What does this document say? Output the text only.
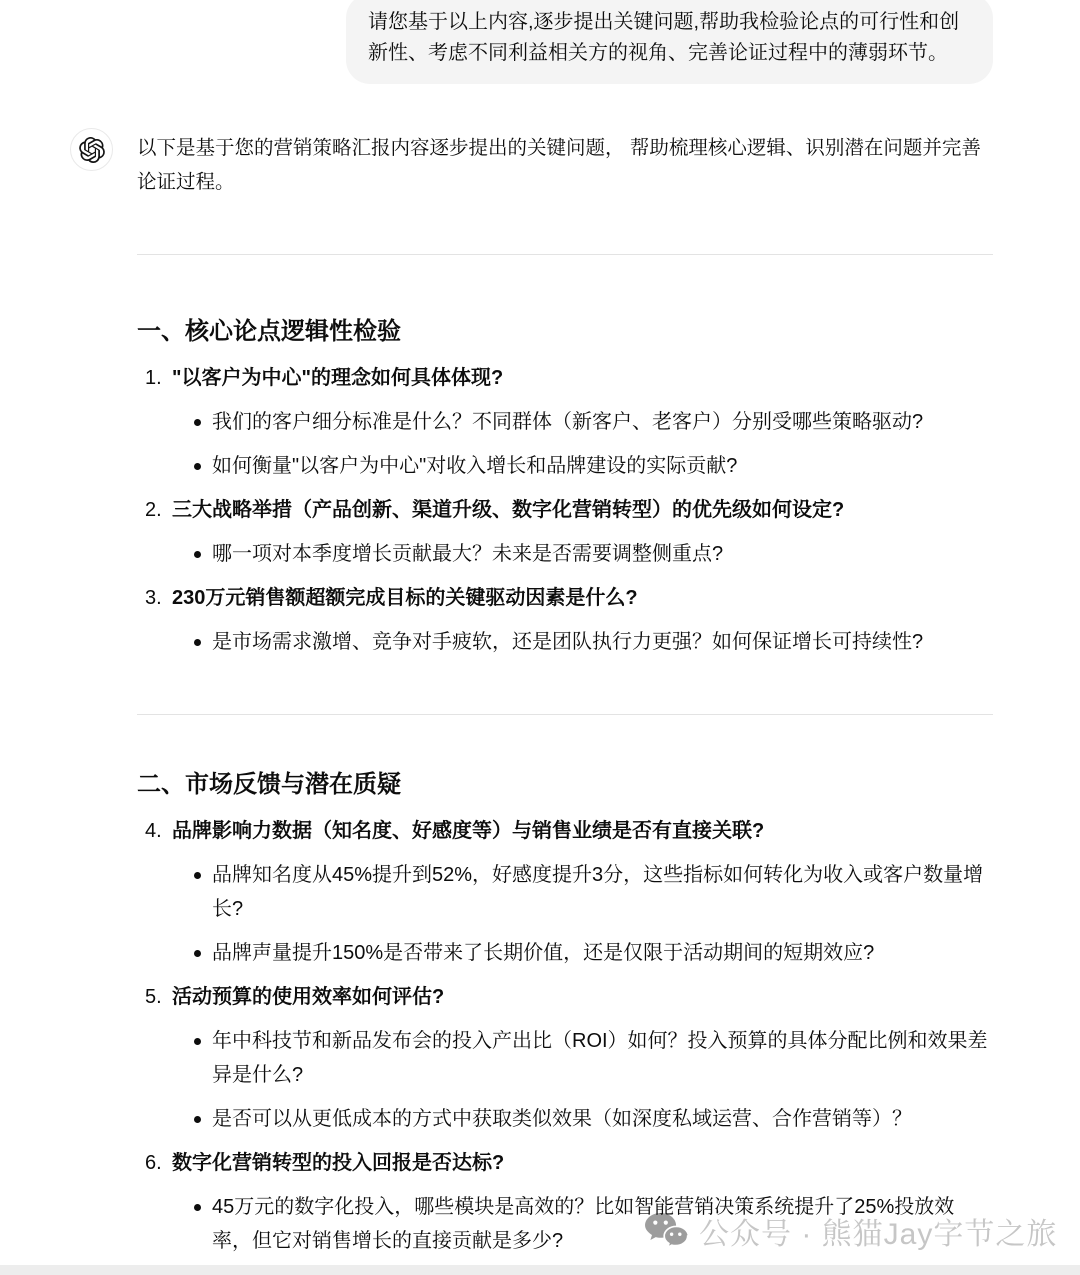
请您基于以上内容,逐步提出关键问题,帮助我检验论点的可行性和创新性、考虑不同利益相关方的视角、完善论证过程中的薄弱环节。

以下是基于您的营销策略汇报内容逐步提出的关键问题， 帮助梳理核心逻辑、识别潜在问题并完善论证过程。

一、核心论点逻辑性检验
1. "以客户为中心"的理念如何具体体现?
我们的客户细分标准是什么？不同群体（新客户、老客户）分别受哪些策略驱动?
如何衡量"以客户为中心"对收入增长和品牌建设的实际贡献?
2. 三大战略举措（产品创新、渠道升级、数字化营销转型）的优先级如何设定?
哪一项对本季度增长贡献最大？未来是否需要调整侧重点?
3. 230万元销售额超额完成目标的关键驱动因素是什么?
是市场需求激增、竞争对手疲软，还是团队执行力更强？如何保证增长可持续性?
二、市场反馈与潜在质疑
4. 品牌影响力数据（知名度、好感度等）与销售业绩是否有直接关联?
品牌知名度从45%提升到52%，好感度提升3分，这些指标如何转化为收入或客户数量增长?
品牌声量提升150%是否带来了长期价值，还是仅限于活动期间的短期效应?
5. 活动预算的使用效率如何评估?
年中科技节和新品发布会的投入产出比（ROI）如何？投入预算的具体分配比例和效果差异是什么?
是否可以从更低成本的方式中获取类似效果（如深度私域运营、合作营销等）？
6. 数字化营销转型的投入回报是否达标?
45万元的数字化投入，哪些模块是高效的？比如智能营销决策系统提升了25%投放效率，但它对销售增长的直接贡献是多少?	公众号 · 熊猫Jay字节之旅
